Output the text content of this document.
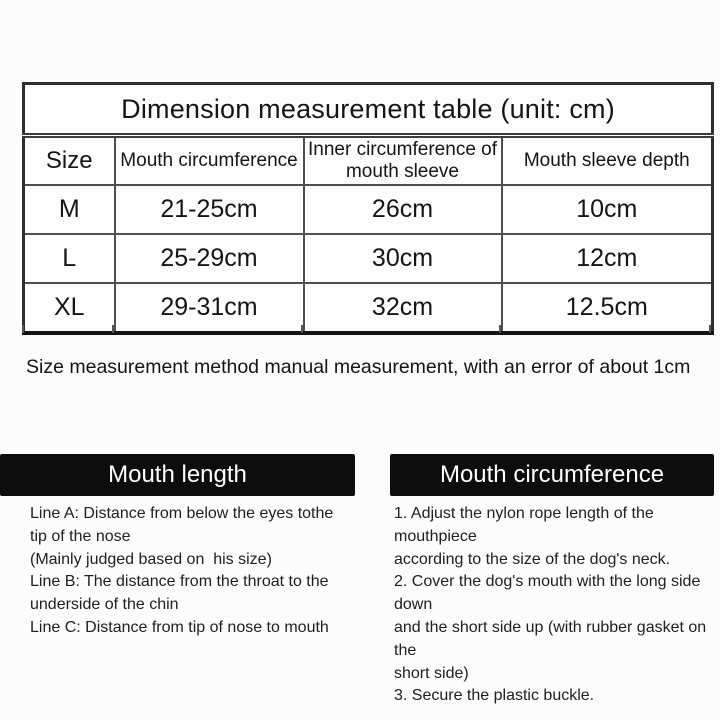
Dimension measurement table (unit: cm)			
Size	Mouth circumference	Inner circumference of mouth sleeve	Mouth sleeve depth
M	21-25cm	26cm	10cm
L	25-29cm	30cm	12cm
XL	29-31cm	32cm	12.5cm

Size measurement method manual measurement, with an error of about 1cm

Mouth length	Mouth circumference
Line A: Distance from below the eyes tothe
tip of the nose
(Mainly judged based on  his size)
Line B: The distance from the throat to the
underside of the chin
Line C: Distance from tip of nose to mouth
1. Adjust the nylon rope length of the mouthpiece
according to the size of the dog's neck.
2. Cover the dog's mouth with the long side down
and the short side up (with rubber gasket on the
short side)
3. Secure the plastic buckle.
